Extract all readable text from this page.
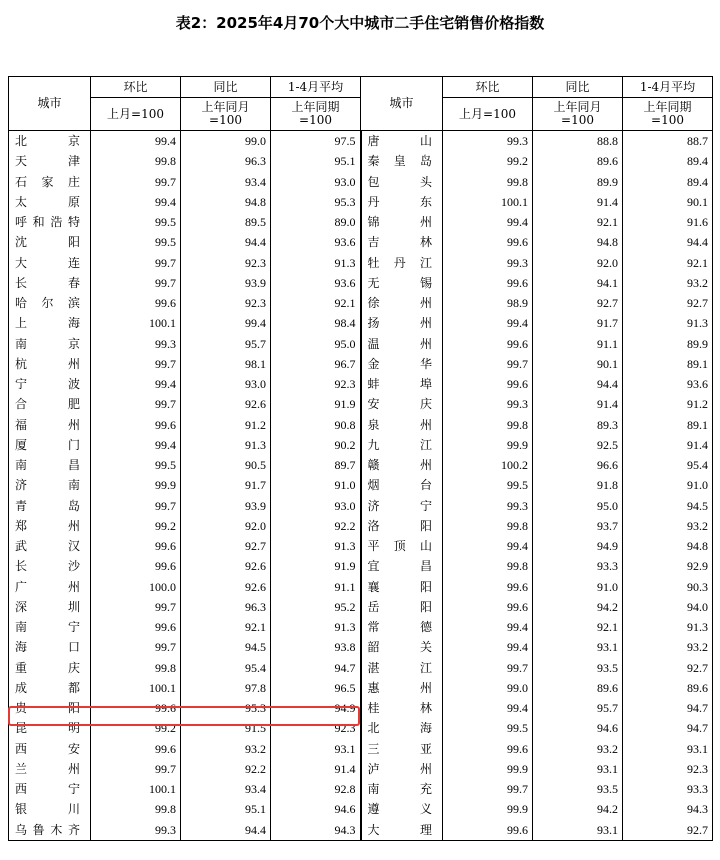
表2：2025年4月70个大中城市二手住宅销售价格指数
城市	环比	同比	1-4月平均	城市	环比	同比	1-4月平均
	上月=100	上年同月=100	上年同期=100		上月=100	上年同月=100	上年同期=100
北京	99.4	99.0	97.5	唐山	99.3	88.8	88.7
天津	99.8	96.3	95.1	秦皇岛	99.2	89.6	89.4
石家庄	99.7	93.4	93.0	包头	99.8	89.9	89.4
太原	99.4	94.8	95.3	丹东	100.1	91.4	90.1
呼和浩特	99.5	89.5	89.0	锦州	99.4	92.1	91.6
沈阳	99.5	94.4	93.6	吉林	99.6	94.8	94.4
大连	99.7	92.3	91.3	牡丹江	99.3	92.0	92.1
长春	99.7	93.9	93.6	无锡	99.6	94.1	93.2
哈尔滨	99.6	92.3	92.1	徐州	98.9	92.7	92.7
上海	100.1	99.4	98.4	扬州	99.4	91.7	91.3
南京	99.3	95.7	95.0	温州	99.6	91.1	89.9
杭州	99.7	98.1	96.7	金华	99.7	90.1	89.1
宁波	99.4	93.0	92.3	蚌埠	99.6	94.4	93.6
合肥	99.7	92.6	91.9	安庆	99.3	91.4	91.2
福州	99.6	91.2	90.8	泉州	99.8	89.3	89.1
厦门	99.4	91.3	90.2	九江	99.9	92.5	91.4
南昌	99.5	90.5	89.7	赣州	100.2	96.6	95.4
济南	99.9	91.7	91.0	烟台	99.5	91.8	91.0
青岛	99.7	93.9	93.0	济宁	99.3	95.0	94.5
郑州	99.2	92.0	92.2	洛阳	99.8	93.7	93.2
武汉	99.6	92.7	91.3	平顶山	99.4	94.9	94.8
长沙	99.6	92.6	91.9	宜昌	99.8	93.3	92.9
广州	100.0	92.6	91.1	襄阳	99.6	91.0	90.3
深圳	99.7	96.3	95.2	岳阳	99.6	94.2	94.0
南宁	99.6	92.1	91.3	常德	99.4	92.1	91.3
海口	99.7	94.5	93.8	韶关	99.4	93.1	93.2
重庆	99.8	95.4	94.7	湛江	99.7	93.5	92.7
成都	100.1	97.8	96.5	惠州	99.0	89.6	89.6
贵阳	99.6	95.3	94.9	桂林	99.4	95.7	94.7
昆明	99.2	91.5	92.3	北海	99.5	94.6	94.7
西安	99.6	93.2	93.1	三亚	99.6	93.2	93.1
兰州	99.7	92.2	91.4	泸州	99.9	93.1	92.3
西宁	100.1	93.4	92.8	南充	99.7	93.5	93.3
银川	99.8	95.1	94.6	遵义	99.9	94.2	94.3
乌鲁木齐	99.3	94.4	94.3	大理	99.6	93.1	92.7
